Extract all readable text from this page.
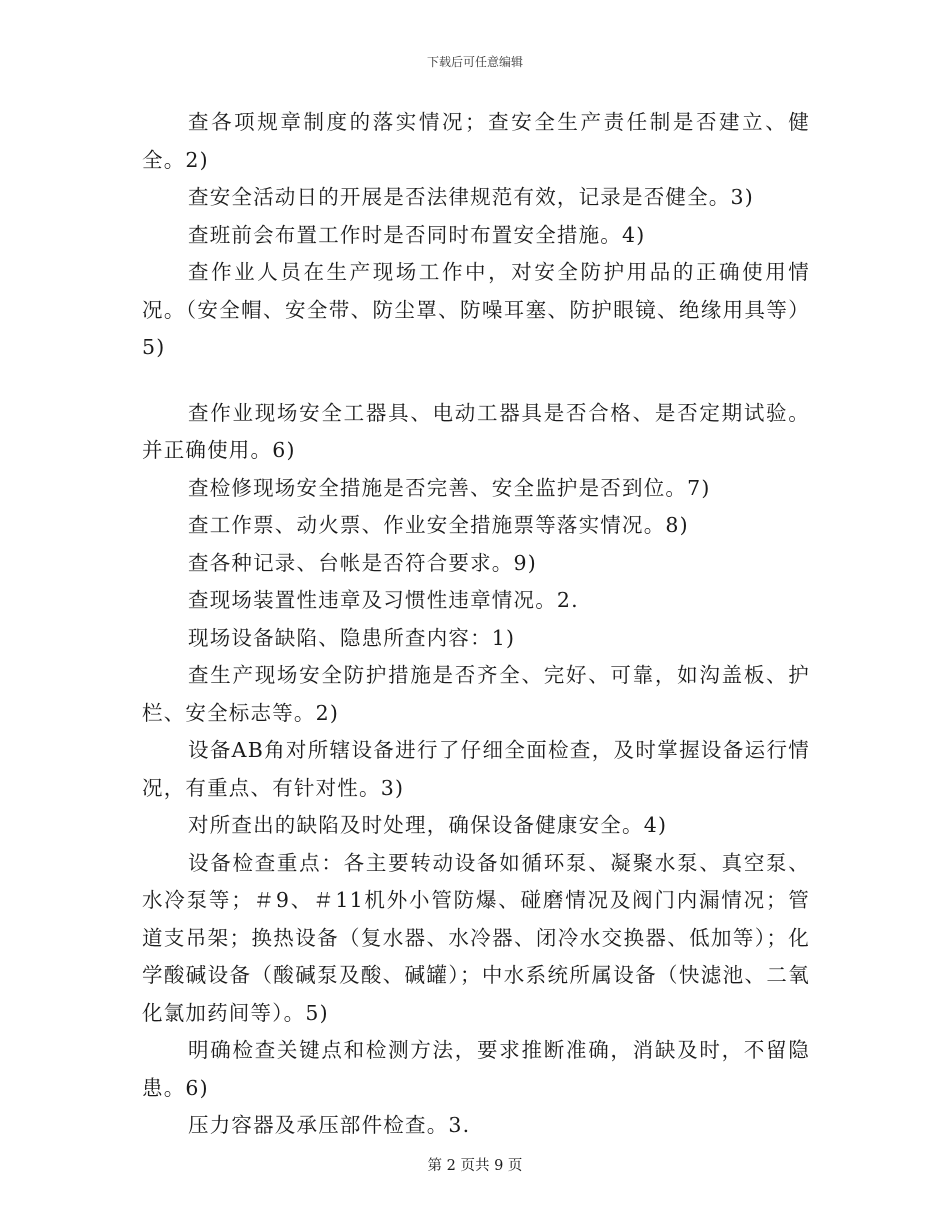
下载后可任意编辑

查各项规章制度的落实情况；查安全生产责任制是否建立、健全。2)

查安全活动日的开展是否法律规范有效，记录是否健全。3)

查班前会布置工作时是否同时布置安全措施。4)

查作业人员在生产现场工作中，对安全防护用品的正确使用情况。（安全帽、安全带、防尘罩、防噪耳塞、防护眼镜、绝缘用具等）5)

查作业现场安全工器具、电动工器具是否合格、是否定期试验。并正确使用。6)

查检修现场安全措施是否完善、安全监护是否到位。7)

查工作票、动火票、作业安全措施票等落实情况。8)

查各种记录、台帐是否符合要求。9)

查现场装置性违章及习惯性违章情况。2.

现场设备缺陷、隐患所查内容：1)

查生产现场安全防护措施是否齐全、完好、可靠，如沟盖板、护栏、安全标志等。2)

设备AB角对所辖设备进行了仔细全面检查，及时掌握设备运行情况，有重点、有针对性。3)

对所查出的缺陷及时处理，确保设备健康安全。4)

设备检查重点：各主要转动设备如循环泵、凝聚水泵、真空泵、水冷泵等；＃9、＃11机外小管防爆、碰磨情况及阀门内漏情况；管道支吊架；换热设备（复水器、水冷器、闭冷水交换器、低加等）；化学酸碱设备（酸碱泵及酸、碱罐）；中水系统所属设备（快滤池、二氧化氯加药间等）。5)

明确检查关键点和检测方法，要求推断准确，消缺及时，不留隐患。6)

压力容器及承压部件检查。3.

第 2 页共 9 页
